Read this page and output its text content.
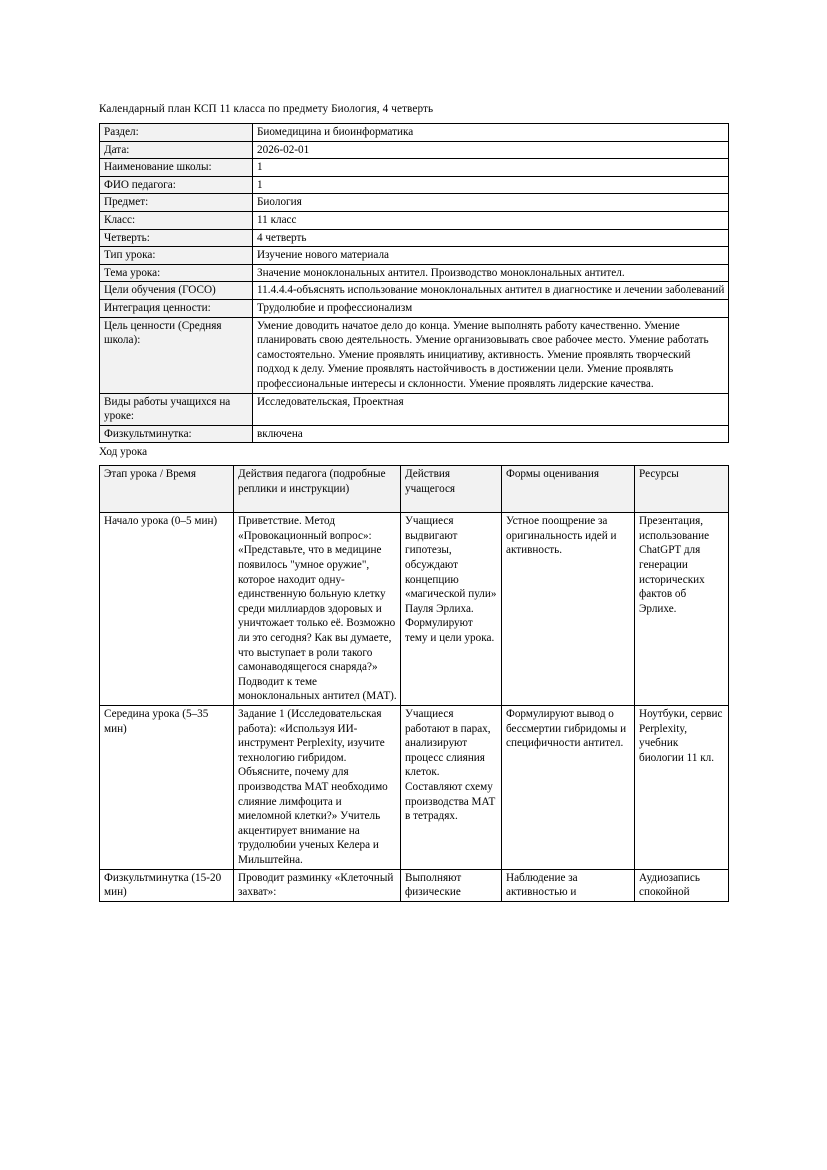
Календарный план КСП 11 класса по предмету Биология, 4 четверть

Раздел:	Биомедицина и биоинформатика
Дата:	2026-02-01
Наименование школы:	1
ФИО педагога:	1
Предмет:	Биология
Класс:	11 класс
Четверть:	4 четверть
Тип урока:	Изучение нового материала
Тема урока:	Значение моноклональных антител. Производство моноклональных антител.
Цели обучения (ГОСО)	11.4.4.4-объяснять использование моноклональных антител в диагностике и лечении заболеваний
Интеграция ценности:	Трудолюбие и профессионализм
Цель ценности (Средняя школа):	Умение доводить начатое дело до конца. Умение выполнять работу качественно. Умение планировать свою деятельность. Умение организовывать свое рабочее место. Умение работать самостоятельно. Умение проявлять инициативу, активность. Умение проявлять творческий подход к делу. Умение проявлять настойчивость в достижении цели. Умение проявлять профессиональные интересы и склонности. Умение проявлять лидерские качества.
Виды работы учащихся на уроке:	Исследовательская, Проектная
Физкультминутка:	включена

Ход урока

Этап урока / Время	Действия педагога (подробные реплики и инструкции)	Действия учащегося	Формы оценивания	Ресурсы
Начало урока (0–5 мин)	Приветствие. Метод «Провокационный вопрос»: «Представьте, что в медицине появилось "умное оружие", которое находит одну-единственную больную клетку среди миллиардов здоровых и уничтожает только её. Возможно ли это сегодня? Как вы думаете, что выступает в роли такого самонаводящегося снаряда?» Подводит к теме моноклональных антител (МАТ).	Учащиеся выдвигают гипотезы, обсуждают концепцию «магической пули» Пауля Эрлиха. Формулируют тему и цели урока.	Устное поощрение за оригинальность идей и активность.	Презентация, использование ChatGPT для генерации исторических фактов об Эрлихе.
Середина урока (5–35 мин)	Задание 1 (Исследовательская работа): «Используя ИИ-инструмент Perplexity, изучите технологию гибридом. Объясните, почему для производства МАТ необходимо слияние лимфоцита и миеломной клетки?» Учитель акцентирует внимание на трудолюбии ученых Келера и Мильштейна.	Учащиеся работают в парах, анализируют процесс слияния клеток. Составляют схему производства МАТ в тетрадях.	Формулируют вывод о бессмертии гибридомы и специфичности антител.	Ноутбуки, сервис Perplexity, учебник биологии 11 кл.
Физкультминутка (15-20 мин)	Проводит разминку «Клеточный захват»:	Выполняют физические	Наблюдение за активностью и	Аудиозапись спокойной
